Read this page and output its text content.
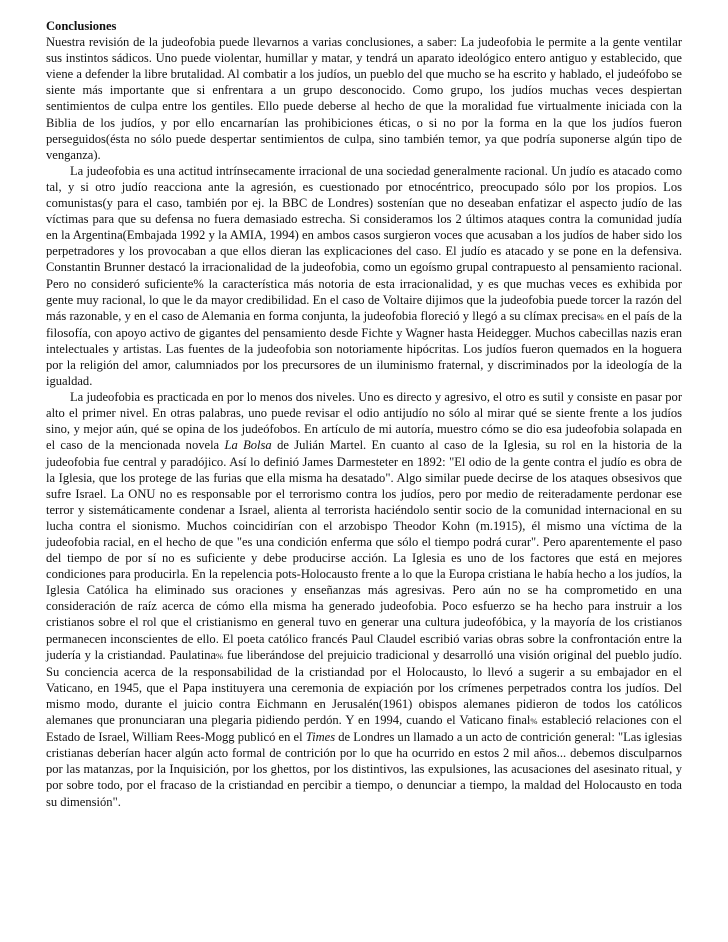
Conclusiones

Nuestra revisión de la judeofobia puede llevarnos a varias conclusiones, a saber: La judeofobia le permite a la gente ventilar sus instintos sádicos. Uno puede violentar, humillar y matar, y tendrá un aparato ideológico entero antiguo y establecido, que viene a defender la libre brutalidad. Al combatir a los judíos, un pueblo del que mucho se ha escrito y hablado, el judeófobo se siente más importante que si enfrentara a un grupo desconocido. Como grupo, los judíos muchas veces despiertan sentimientos de culpa entre los gentiles. Ello puede deberse al hecho de que la moralidad fue virtualmente iniciada con la Biblia de los judíos, y por ello encarnarían las prohibiciones éticas, o si no por la forma en la que los judíos fueron perseguidos(ésta no sólo puede despertar sentimientos de culpa, sino también temor, ya que podría suponerse algún tipo de venganza).

La judeofobia es una actitud intrínsecamente irracional de una sociedad generalmente racional. Un judío es atacado como tal, y si otro judío reacciona ante la agresión, es cuestionado por etnocéntrico, preocupado sólo por los propios. Los comunistas(y para el caso, también por ej. la BBC de Londres) sostenían que no deseaban enfatizar el aspecto judío de las víctimas para que su defensa no fuera demasiado estrecha. Si consideramos los 2 últimos ataques contra la comunidad judía en la Argentina(Embajada 1992 y la AMIA, 1994) en ambos casos surgieron voces que acusaban a los judíos de haber sido los perpetradores y los provocaban a que ellos dieran las explicaciones del caso. El judío es atacado y se pone en la defensiva. Constantin Brunner destacó la irracionalidad de la judeofobia, como un egoísmo grupal contrapuesto al pensamiento racional. Pero no consideró suficiente% la característica más notoria de esta irracionalidad, y es que muchas veces es exhibida por gente muy racional, lo que le da mayor credibilidad. En el caso de Voltaire dijimos que la judeofobia puede torcer la razón del más razonable, y en el caso de Alemania en forma conjunta, la judeofobia floreció y llegó a su clímax precisa% en el país de la filosofía, con apoyo activo de gigantes del pensamiento desde Fichte y Wagner hasta Heidegger. Muchos cabecillas nazis eran intelectuales y artistas. Las fuentes de la judeofobia son notoriamente hipócritas. Los judíos fueron quemados en la hoguera por la religión del amor, calumniados por los precursores de un iluminismo fraternal, y discriminados por la ideología de la igualdad.

La judeofobia es practicada en por lo menos dos niveles. Uno es directo y agresivo, el otro es sutil y consiste en pasar por alto el primer nivel. En otras palabras, uno puede revisar el odio antijudío no sólo al mirar qué se siente frente a los judíos sino, y mejor aún, qué se opina de los judeófobos. En artículo de mi autoría, muestro cómo se dio esa judeofobia solapada en el caso de la mencionada novela La Bolsa de Julián Martel. En cuanto al caso de la Iglesia, su rol en la historia de la judeofobia fue central y paradójico. Así lo definió James Darmesteter en 1892: "El odio de la gente contra el judío es obra de la Iglesia, que los protege de las furias que ella misma ha desatado". Algo similar puede decirse de los ataques obsesivos que sufre Israel. La ONU no es responsable por el terrorismo contra los judíos, pero por medio de reiteradamente perdonar ese terror y sistemáticamente condenar a Israel, alienta al terrorista haciéndolo sentir socio de la comunidad internacional en su lucha contra el sionismo. Muchos coincidirían con el arzobispo Theodor Kohn (m.1915), él mismo una víctima de la judeofobia racial, en el hecho de que "es una condición enferma que sólo el tiempo podrá curar". Pero aparentemente el paso del tiempo de por sí no es suficiente y debe producirse acción. La Iglesia es uno de los factores que está en mejores condiciones para producirla. En la repelencia pots-Holocausto frente a lo que la Europa cristiana le había hecho a los judíos, la Iglesia Católica ha eliminado sus oraciones y enseñanzas más agresivas. Pero aún no se ha comprometido en una consideración de raíz acerca de cómo ella misma ha generado judeofobia. Poco esfuerzo se ha hecho para instruir a los cristianos sobre el rol que el cristianismo en general tuvo en generar una cultura judeofóbica, y la mayoría de los cristianos permanecen inconscientes de ello. El poeta católico francés Paul Claudel escribió varias obras sobre la confrontación entre la judería y la cristiandad. Paulatina% fue liberándose del prejuicio tradicional y desarrolló una visión original del pueblo judío. Su conciencia acerca de la responsabilidad de la cristiandad por el Holocausto, lo llevó a sugerir a su embajador en el Vaticano, en 1945, que el Papa instituyera una ceremonia de expiación por los crímenes perpetrados contra los judíos. Del mismo modo, durante el juicio contra Eichmann en Jerusalén(1961) obispos alemanes pidieron de todos los católicos alemanes que pronunciaran una plegaria pidiendo perdón. Y en 1994, cuando el Vaticano final% estableció relaciones con el Estado de Israel, William Rees-Mogg publicó en el Times de Londres un llamado a un acto de contrición general: "Las iglesias cristianas deberían hacer algún acto formal de contrición por lo que ha ocurrido en estos 2 mil años... debemos disculparnos por las matanzas, por la Inquisición, por los ghettos, por los distintivos, las expulsiones, las acusaciones del asesinato ritual, y por sobre todo, por el fracaso de la cristiandad en percibir a tiempo, o denunciar a tiempo, la maldad del Holocausto en toda su dimensión".
